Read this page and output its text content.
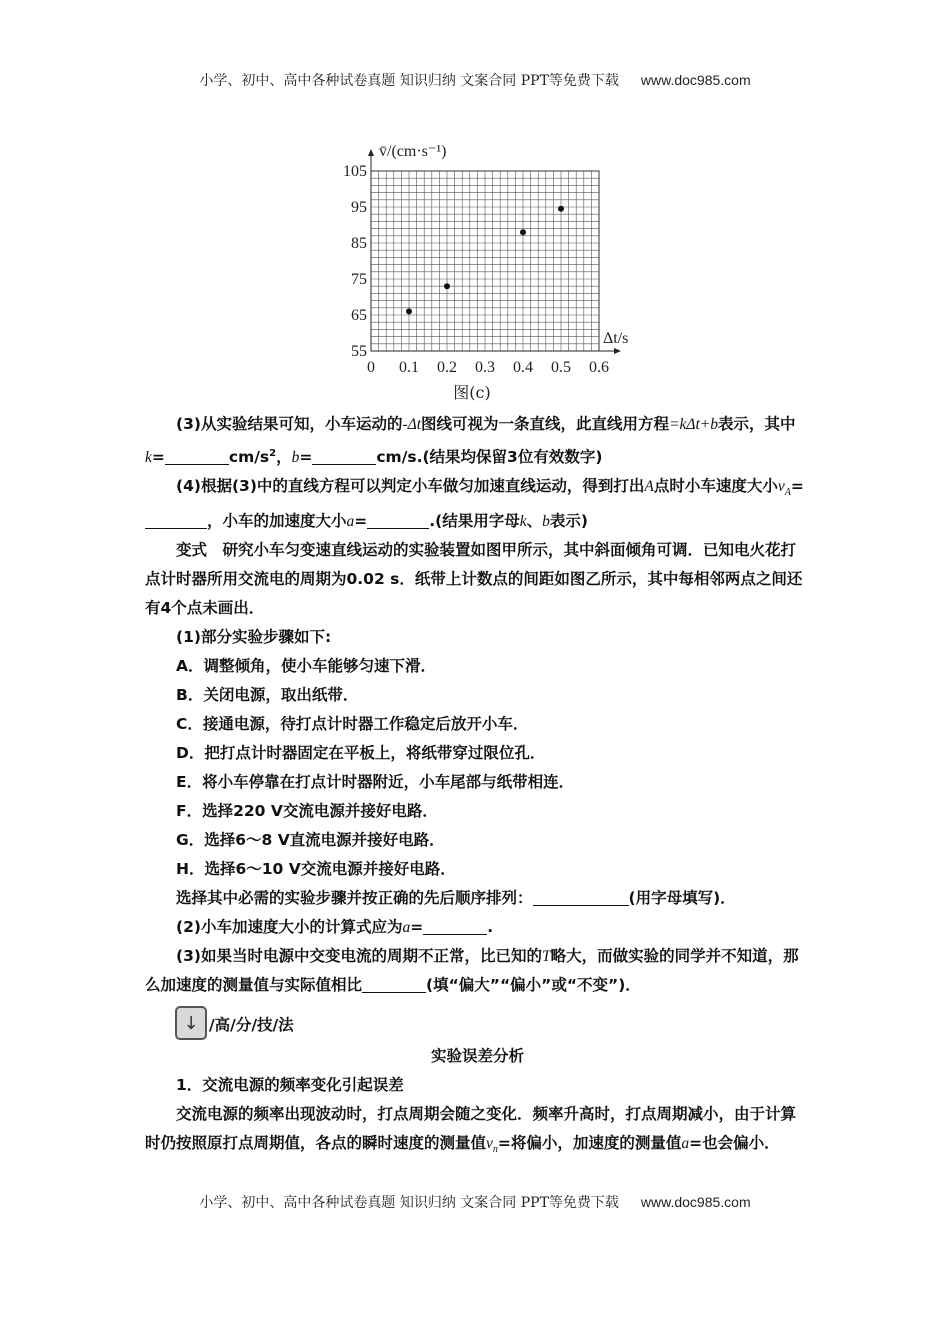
小学、初中、高中各种试卷真题 知识归纳 文案合同 PPT等免费下载 www.doc985.com
0 0.1 0.2 0.3 0.4 0.5 0.6
55
65
75
85
95
105
v̄/(cm·s⁻¹)
Δt/s
图(c)

(3)从实验结果可知，小车运动的-Δt图线可视为一条直线，此直线用方程=kΔt+b表示，其中k=	$cm/s^2$，b=	cm/s.(结果均保留3位有效数字)

(4)根据(3)中的直线方程可以判定小车做匀加速直线运动，得到打出A点时小车速度大小$v_A=$，小车的加速度大小a=	.(结果用字母k、b表示)

变式　研究小车匀变速直线运动的实验装置如图甲所示，其中斜面倾角可调．已知电火花打点计时器所用交流电的周期为0.02 s．纸带上计数点的间距如图乙所示，其中每相邻两点之间还有4个点未画出．

(1)部分实验步骤如下:

A．调整倾角，使小车能够匀速下滑．

B．关闭电源，取出纸带．

C．接通电源，待打点计时器工作稳定后放开小车．

D．把打点计时器固定在平板上，将纸带穿过限位孔．

E．将小车停靠在打点计时器附近，小车尾部与纸带相连．

F．选择220 V交流电源并接好电路．

G．选择6～8 V直流电源并接好电路．

H．选择6～10 V交流电源并接好电路．

选择其中必需的实验步骤并按正确的先后顺序排列：	(用字母填写)．

(2)小车加速度大小的计算式应为a=	.

(3)如果当时电源中交变电流的周期不正常，比已知的T略大，而做实验的同学并不知道，那么加速度的测量值与实际值相比	(填“偏大”“偏小”或“不变”)．

↓ /高/分/技/法

实验误差分析

1．交流电源的频率变化引起误差

交流电源的频率出现波动时，打点周期会随之变化．频率升高时，打点周期减小，由于计算时仍按照原打点周期值，各点的瞬时速度的测量值$v_n=$将偏小，加速度的测量值a=也会偏小．

小学、初中、高中各种试卷真题 知识归纳 文案合同 PPT等免费下载 www.doc985.com
